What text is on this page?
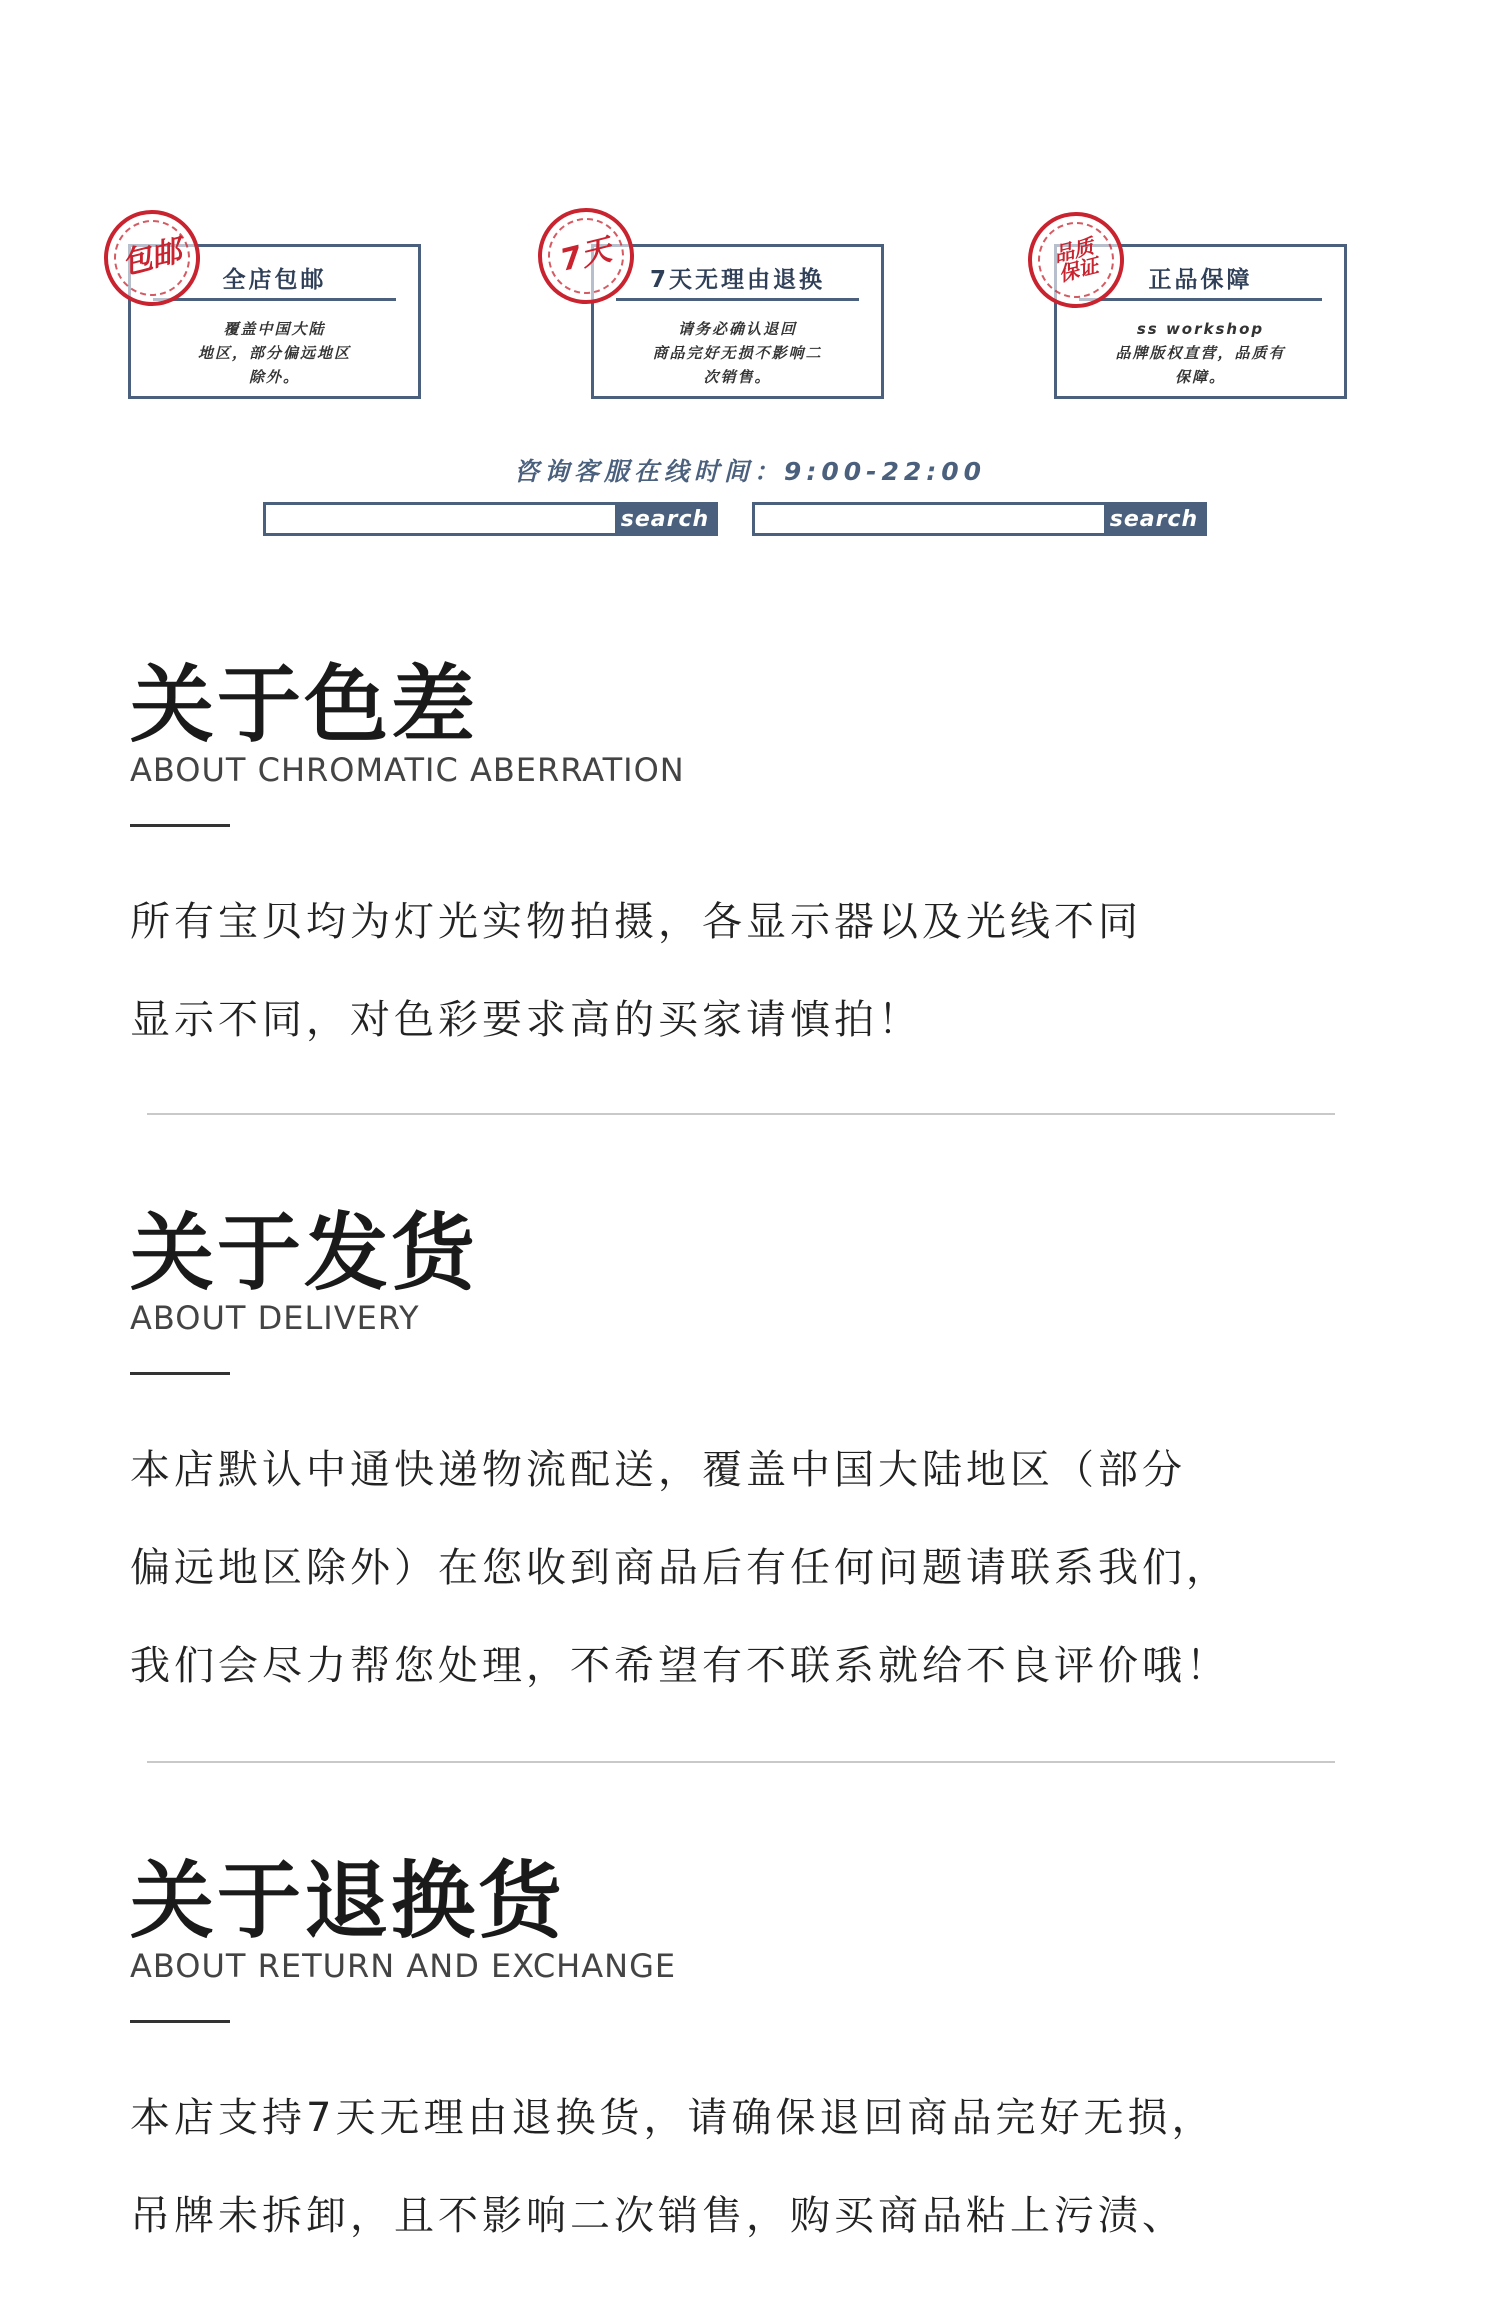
全店包邮
覆盖中国大陆
地区，部分偏远地区
除外。
包邮	7天无理由退换
请务必确认退回
商品完好无损不影响二
次销售。
7天
正品保障
ss workshop
品牌版权直营，品质有
保障。
品质保证
咨询客服在线时间：9:00-22:00
search	search
关于色差
ABOUT CHROMATIC ABERRATION
所有宝贝均为灯光实物拍摄，各显示器以及光线不同
显示不同，对色彩要求高的买家请慎拍！
关于发货
ABOUT DELIVERY
本店默认中通快递物流配送，覆盖中国大陆地区（部分
偏远地区除外）在您收到商品后有任何问题请联系我们，
我们会尽力帮您处理，不希望有不联系就给不良评价哦！
关于退换货
ABOUT RETURN AND EXCHANGE
本店支持7天无理由退换货，请确保退回商品完好无损，
吊牌未拆卸，且不影响二次销售，购买商品粘上污渍、
